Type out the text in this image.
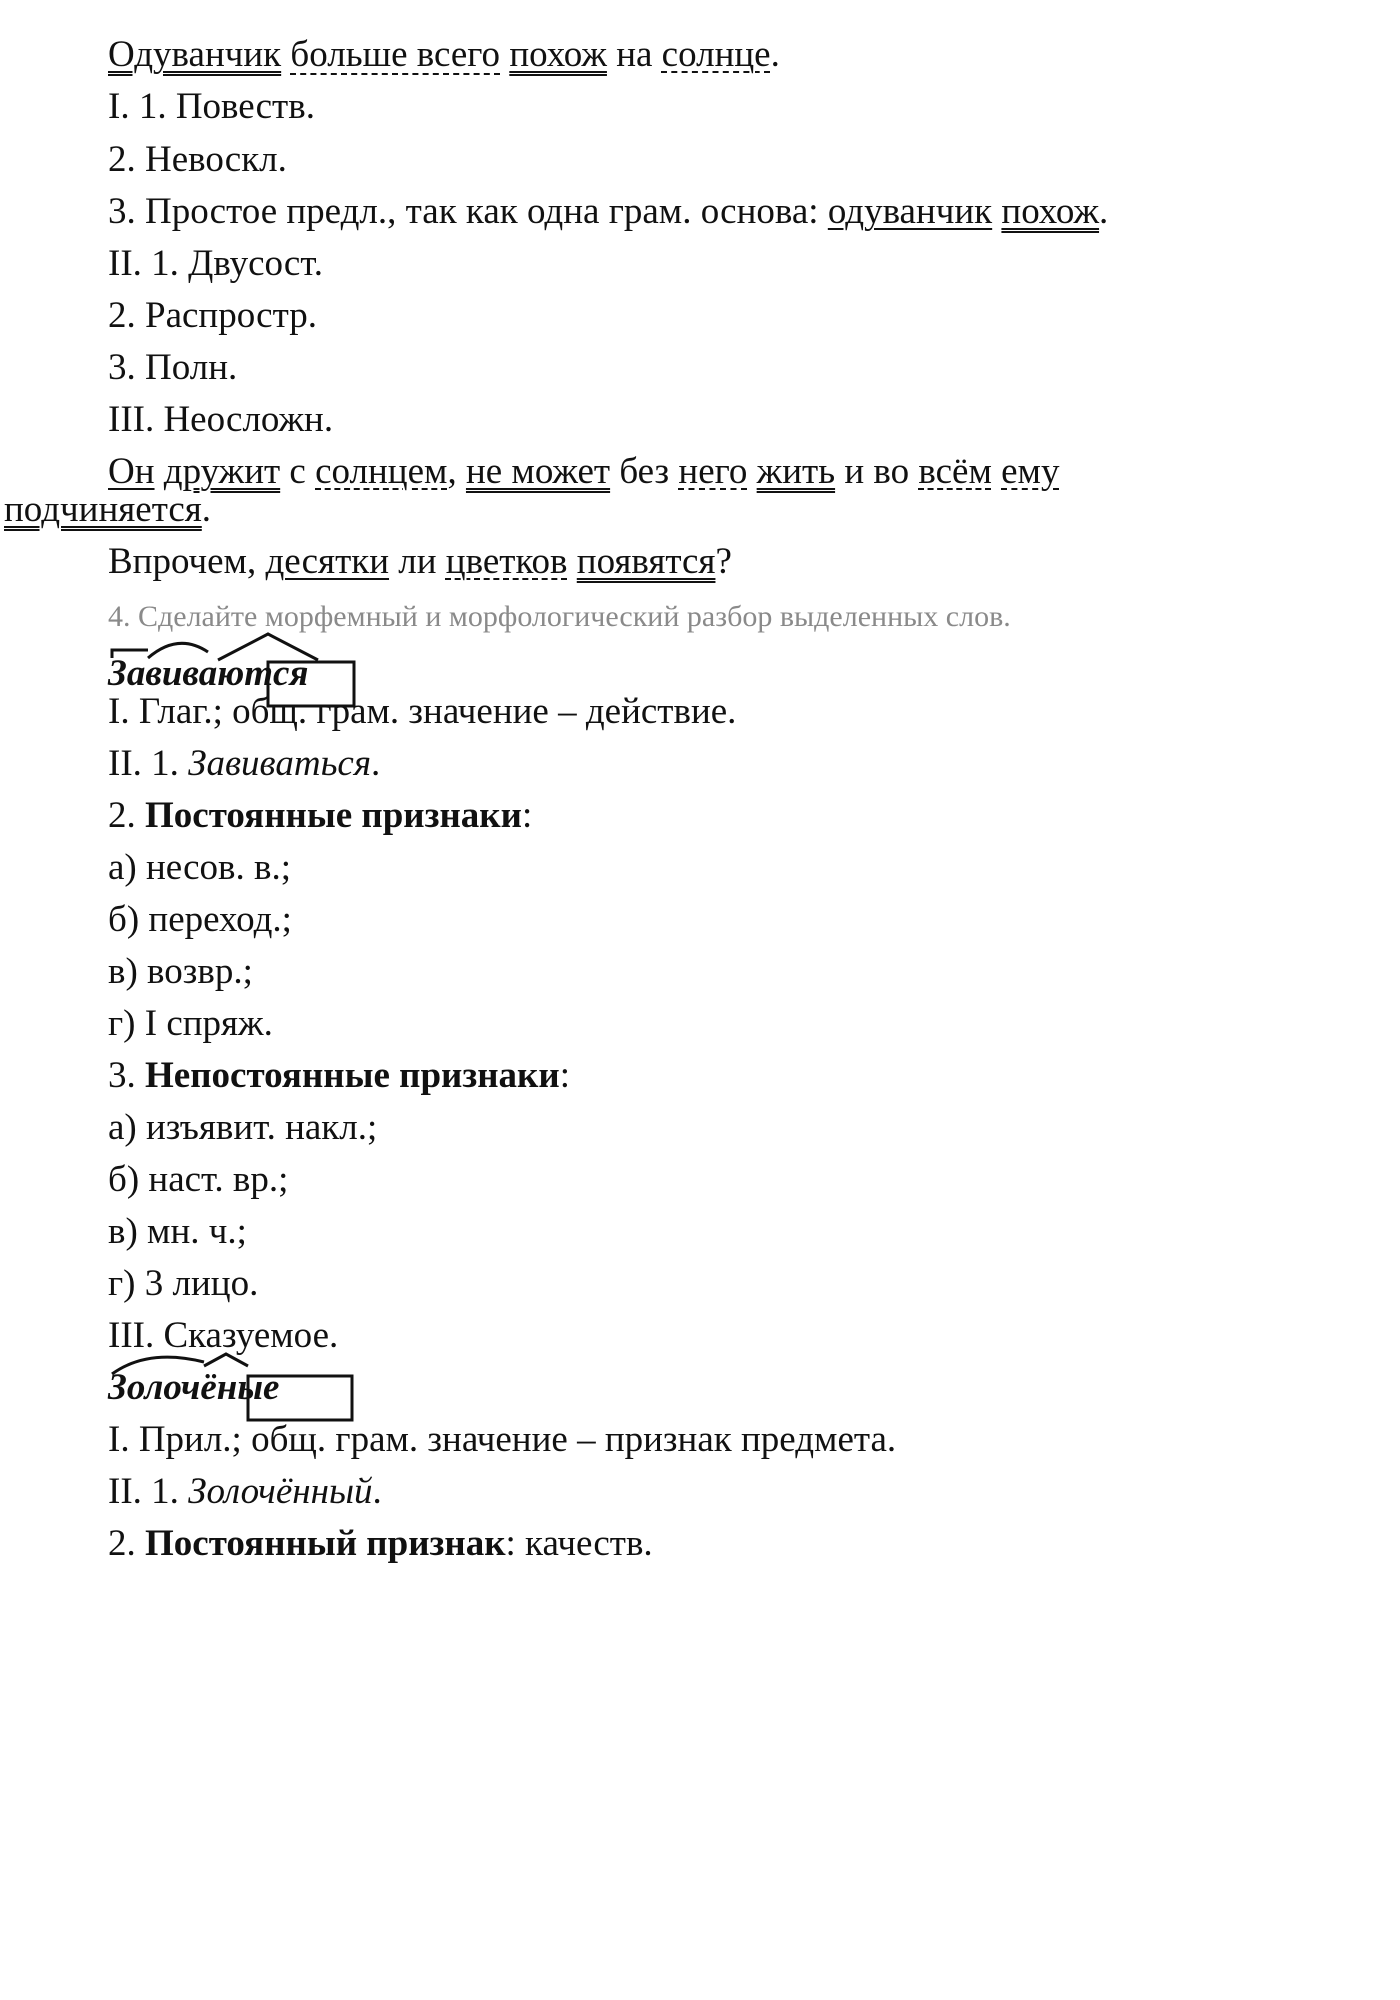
Одуванчик больше всего похож на солнце.
I. 1. Повеств.
2. Невоскл.
3. Простое предл., так как одна грам. основа: одуванчик похож.
II. 1. Двусост.
2. Распростр.
3. Полн.
III. Неосложн.
Он дружит с солнцем, не может без него жить и во всём ему
подчиняется.
Впрочем, десятки ли цветков появятся?
4. Сделайте морфемный и морфологический разбор выделенных слов.
Завиваются
I. Глаг.; общ. грам. значение – действие.
II. 1. Завиваться.
2. Постоянные признаки:
а) несов. в.;
б) переход.;
в) возвр.;
г) I спряж.
3. Непостоянные признаки:
а) изъявит. накл.;
б) наст. вр.;
в) мн. ч.;
г) 3 лицо.
III. Сказуемое.
Золочёные
I. Прил.; общ. грам. значение – признак предмета.
II. 1. Золочённый.
2. Постоянный признак: качеств.
